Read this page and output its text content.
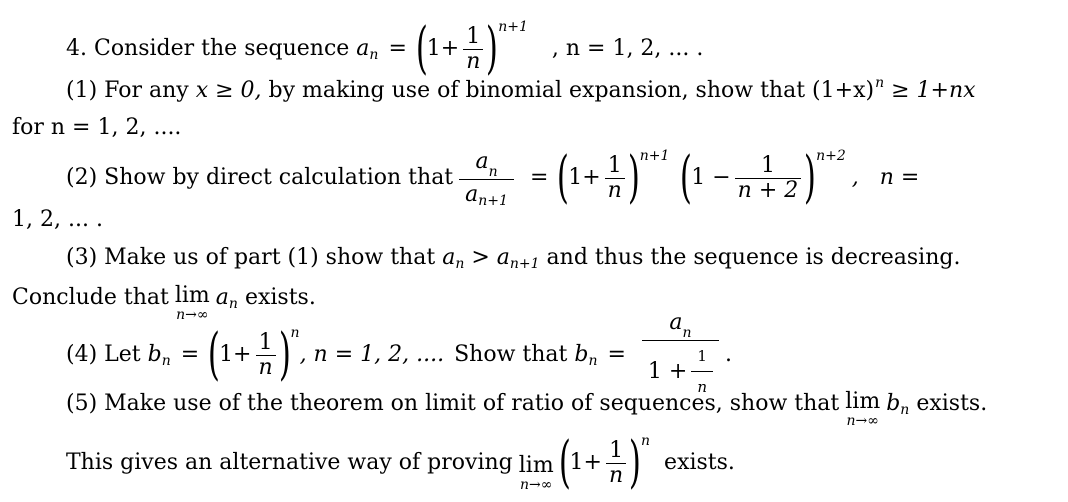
4. Consider the sequence
a n = (
$1+ \frac{1}{n}$ ) n+1
, n = 1, 2, ... .
(1) For any
x ≥ 0,
by making use of binomial expansion, show that (1+x) n
≥ 1+nx
for n = 1, 2, ....
(2) Show by direct calculation that $\frac{a_n}{\text{a n+1}}$ = (
$1+ \frac{1}{n}$ ) n+1 (
$1 - \frac{1}{n + 2}$ ) n+2
,   n =
1, 2, ... .
(3) Make us of part (1) show that
a n > a n+1
and thus the sequence is decreasing.
Conclude that lim
n→∞
a n
exists.
(4) Let
b n = (
$1+ \frac{1}{n}$ ) n
, n = 1, 2, .... Show that
b $n = \frac{a_n}{1 + \frac{1}{n}}$ .
(5) Make use of the theorem on limit of ratio of sequences, show that lim
n→∞
b n
exists.
This gives an alternative way of proving lim
n→∞ (
$1+ \frac{1}{n}$ ) n
exists.
